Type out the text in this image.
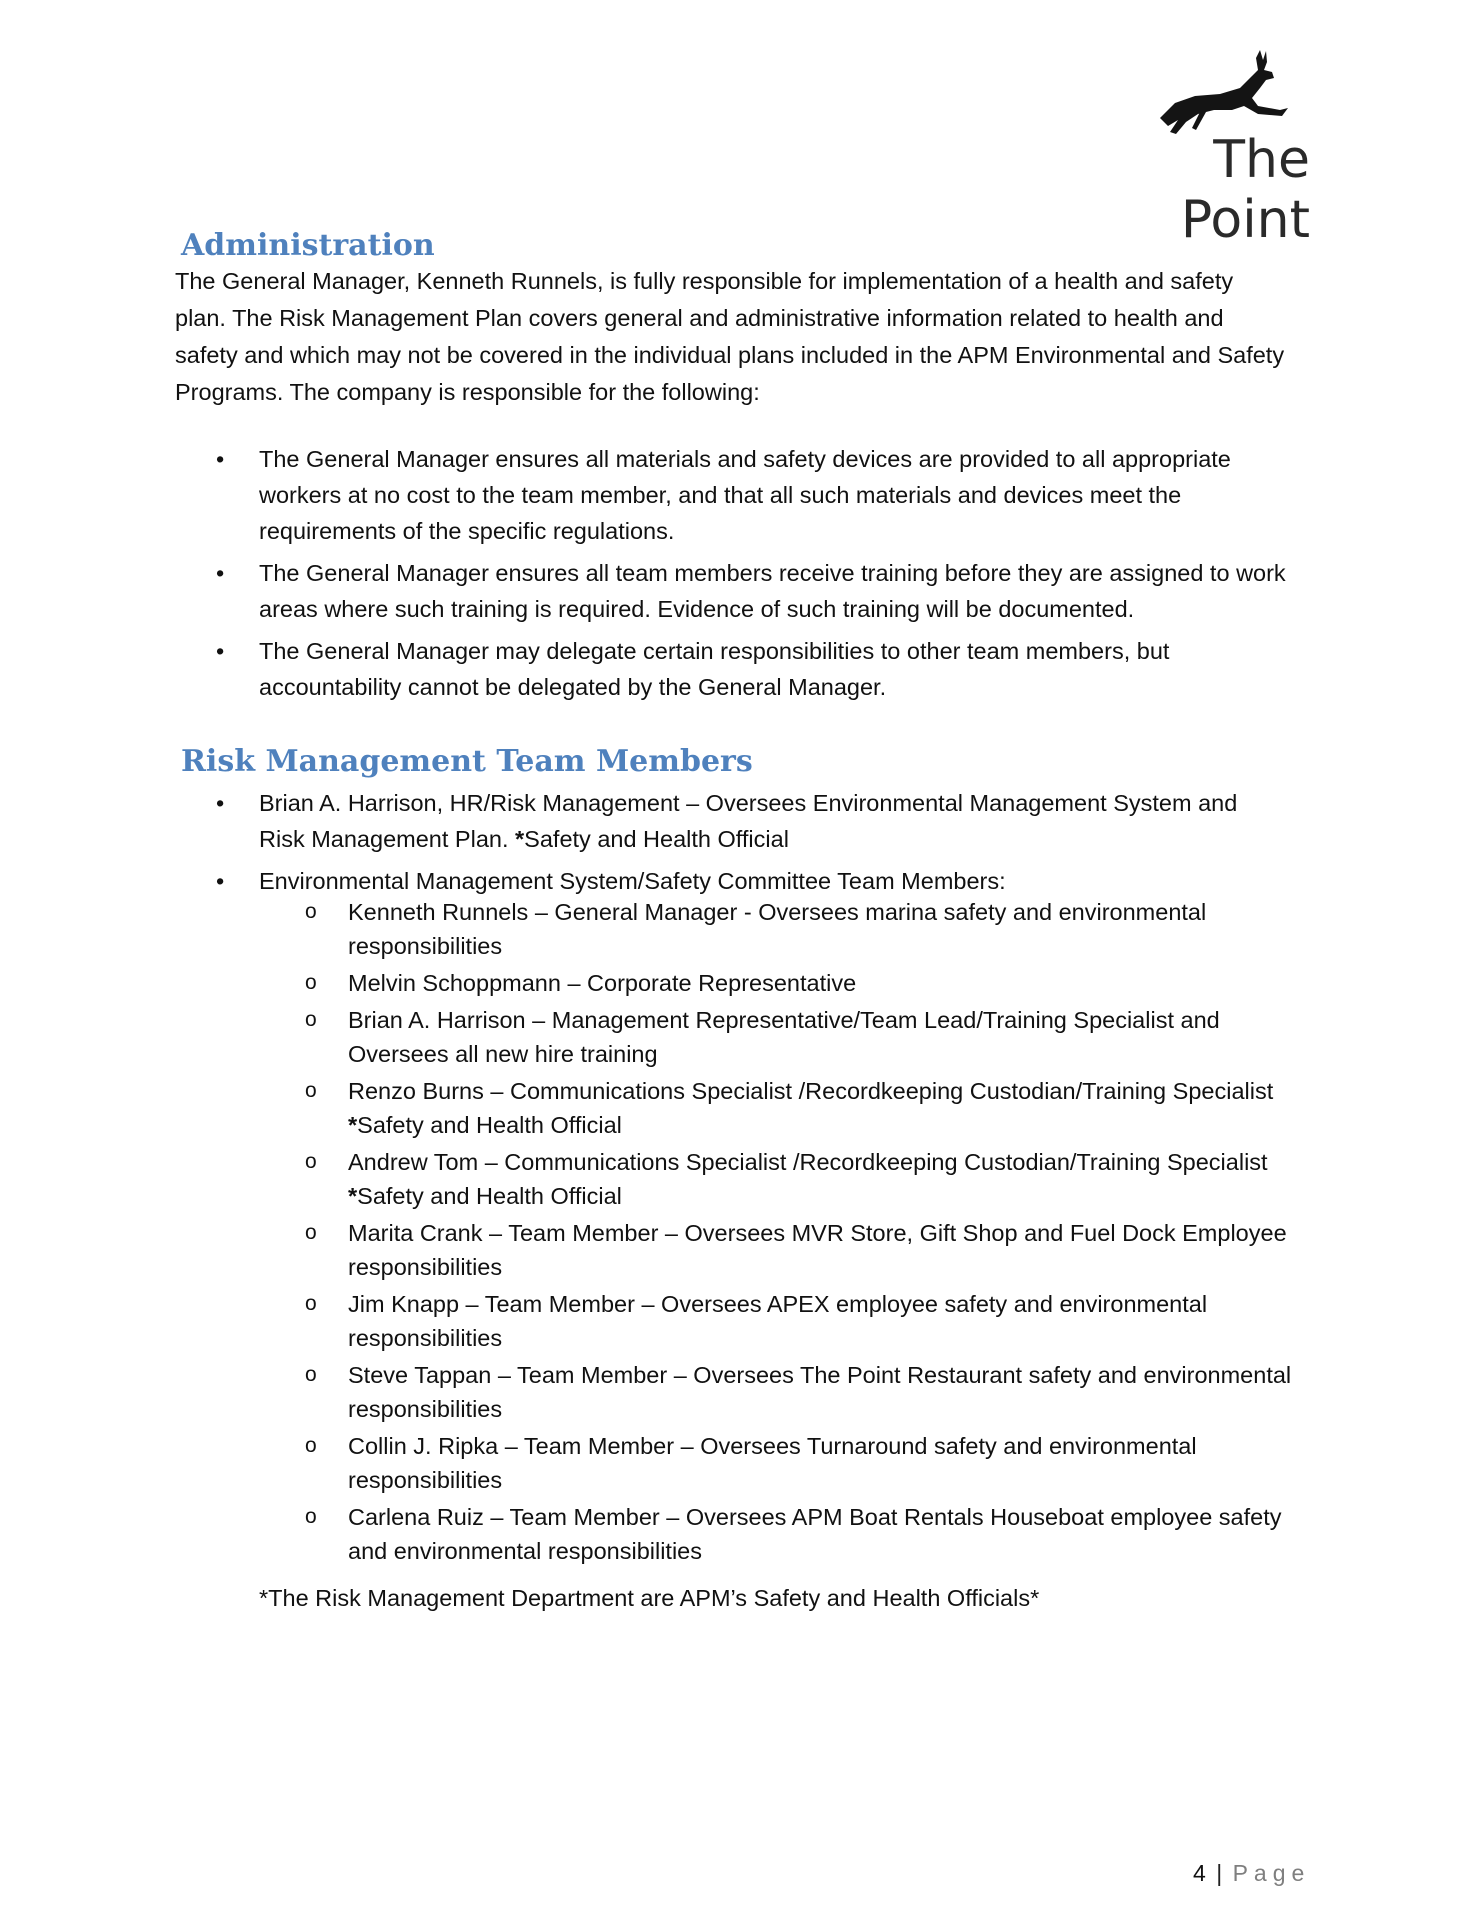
The Point
Administration

The General Manager, Kenneth Runnels, is fully responsible for implementation of a health and safety plan. The Risk Management Plan covers general and administrative information related to health and safety and which may not be covered in the individual plans included in the APM Environmental and Safety Programs. The company is responsible for the following:

• The General Manager ensures all materials and safety devices are provided to all appropriate workers at no cost to the team member, and that all such materials and devices meet the requirements of the specific regulations.
• The General Manager ensures all team members receive training before they are assigned to work areas where such training is required. Evidence of such training will be documented.
• The General Manager may delegate certain responsibilities to other team members, but accountability cannot be delegated by the General Manager.
Risk Management Team Members
• Brian A. Harrison, HR/Risk Management – Oversees Environmental Management System and Risk Management Plan. *Safety and Health Official
• Environmental Management System/Safety Committee Team Members:
o Kenneth Runnels – General Manager - Oversees marina safety and environmental responsibilities
o Melvin Schoppmann – Corporate Representative
o Brian A. Harrison – Management Representative/Team Lead/Training Specialist and Oversees all new hire training
o Renzo Burns – Communications Specialist /Recordkeeping Custodian/Training Specialist *Safety and Health Official
o Andrew Tom – Communications Specialist /Recordkeeping Custodian/Training Specialist *Safety and Health Official
o Marita Crank – Team Member – Oversees MVR Store, Gift Shop and Fuel Dock Employee responsibilities
o Jim Knapp – Team Member – Oversees APEX employee safety and environmental responsibilities
o Steve Tappan – Team Member – Oversees The Point Restaurant safety and environmental responsibilities
o Collin J. Ripka – Team Member – Oversees Turnaround safety and environmental responsibilities
o Carlena Ruiz – Team Member – Oversees APM Boat Rentals Houseboat employee safety and environmental responsibilities
*The Risk Management Department are APM’s Safety and Health Officials*
4 | Page
